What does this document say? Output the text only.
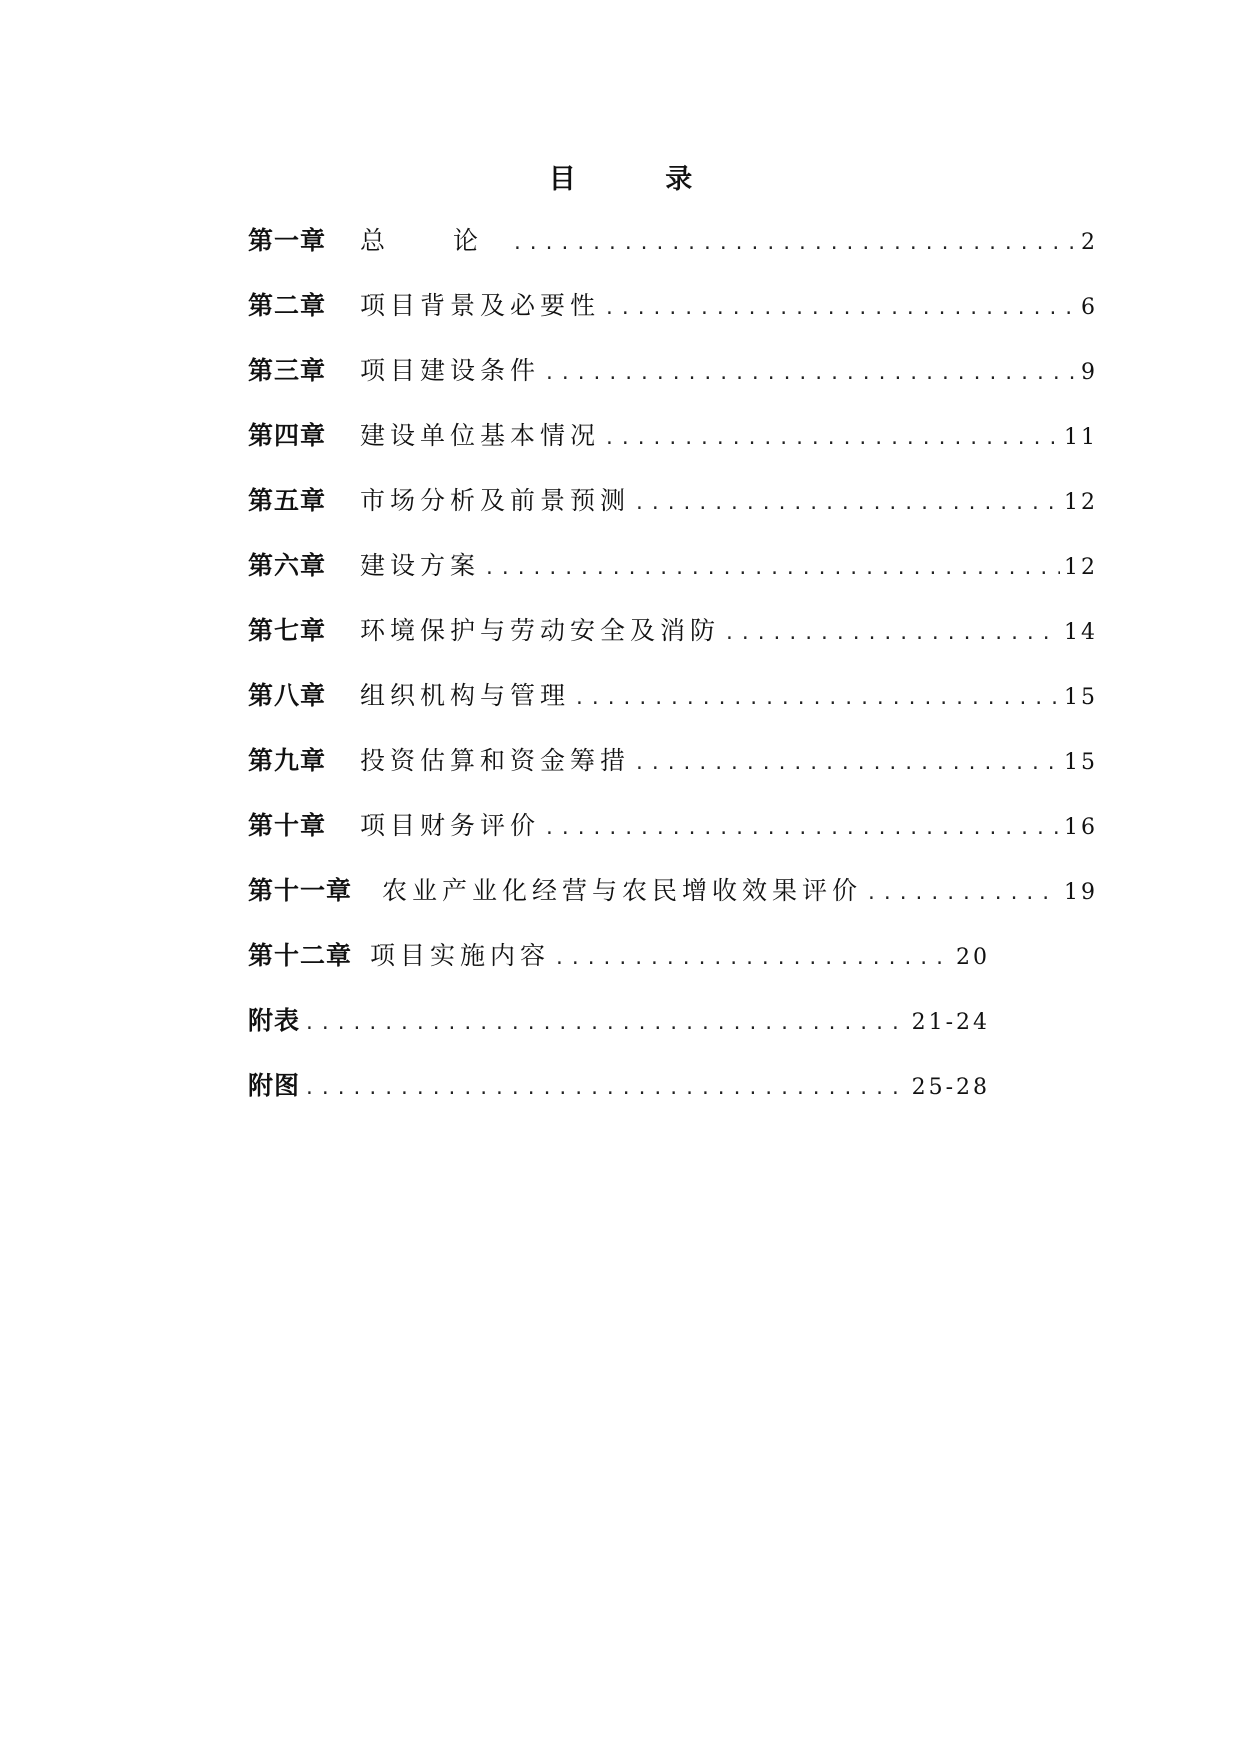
目 录
第一章 总 论 .....	2
第二章 项目背景及必要性 .....	6
第三章 项目建设条件 .....	9
第四章 建设单位基本情况 .....	11
第五章 市场分析及前景预测 .....	12
第六章 建设方案 .....	12
第七章 环境保护与劳动安全及消防 .....	14
第八章 组织机构与管理 .....	15
第九章 投资估算和资金筹措 .....	15
第十章 项目财务评价 .....	16
第十一章 农业产业化经营与农民增收效果评价 .....	19
第十二章 项目实施内容 .....	20
附表 .....	21-24
附图 .....	25-28
